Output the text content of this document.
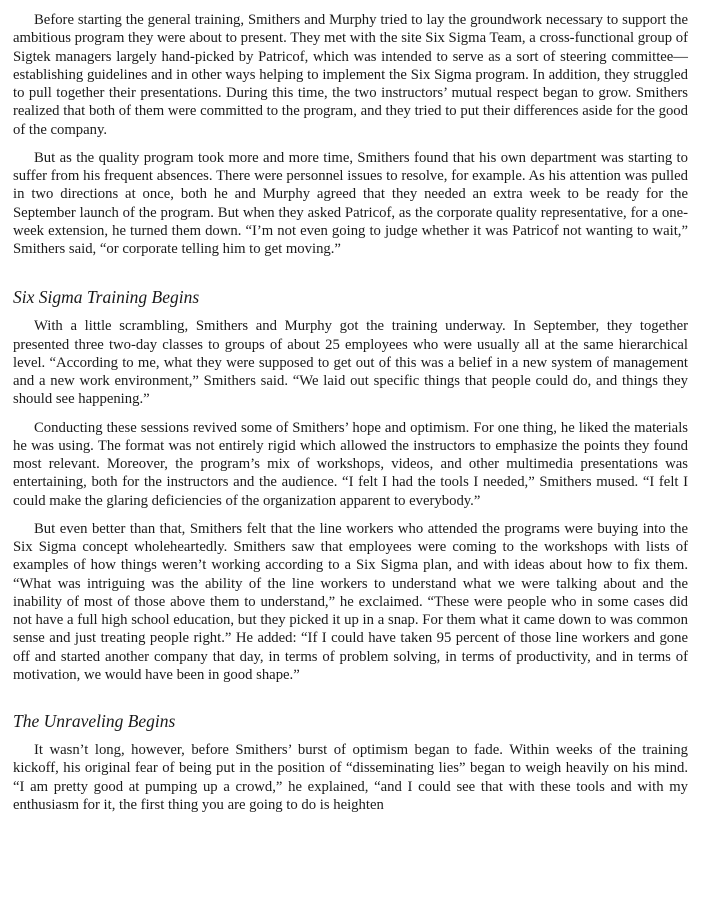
Before starting the general training, Smithers and Murphy tried to lay the groundwork necessary to support the ambitious program they were about to present. They met with the site Six Sigma Team, a cross-functional group of Sigtek managers largely hand-picked by Patricof, which was intended to serve as a sort of steering committee—establishing guidelines and in other ways helping to implement the Six Sigma program. In addition, they struggled to pull together their presentations. During this time, the two instructors’ mutual respect began to grow. Smithers realized that both of them were committed to the program, and they tried to put their differences aside for the good of the company.

But as the quality program took more and more time, Smithers found that his own department was starting to suffer from his frequent absences. There were personnel issues to resolve, for example. As his attention was pulled in two directions at once, both he and Murphy agreed that they needed an extra week to be ready for the September launch of the program. But when they asked Patricof, as the corporate quality representative, for a one-week extension, he turned them down. “I’m not even going to judge whether it was Patricof not wanting to wait,” Smithers said, “or corporate telling him to get moving.”

Six Sigma Training Begins

With a little scrambling, Smithers and Murphy got the training underway. In September, they together presented three two-day classes to groups of about 25 employees who were usually all at the same hierarchical level. “According to me, what they were supposed to get out of this was a belief in a new system of management and a new work environment,” Smithers said. “We laid out specific things that people could do, and things they should see happening.”

Conducting these sessions revived some of Smithers’ hope and optimism. For one thing, he liked the materials he was using. The format was not entirely rigid which allowed the instructors to emphasize the points they found most relevant. Moreover, the program’s mix of workshops, videos, and other multimedia presentations was entertaining, both for the instructors and the audience. “I felt I had the tools I needed,” Smithers mused. “I felt I could make the glaring deficiencies of the organization apparent to everybody.”

But even better than that, Smithers felt that the line workers who attended the programs were buying into the Six Sigma concept wholeheartedly. Smithers saw that employees were coming to the workshops with lists of examples of how things weren’t working according to a Six Sigma plan, and with ideas about how to fix them. “What was intriguing was the ability of the line workers to understand what we were talking about and the inability of most of those above them to understand,” he exclaimed. “These were people who in some cases did not have a full high school education, but they picked it up in a snap. For them what it came down to was common sense and just treating people right.” He added: “If I could have taken 95 percent of those line workers and gone off and started another company that day, in terms of problem solving, in terms of productivity, and in terms of motivation, we would have been in good shape.”

The Unraveling Begins

It wasn’t long, however, before Smithers’ burst of optimism began to fade. Within weeks of the training kickoff, his original fear of being put in the position of “disseminating lies” began to weigh heavily on his mind. “I am pretty good at pumping up a crowd,” he explained, “and I could see that with these tools and with my enthusiasm for it, the first thing you are going to do is heighten
